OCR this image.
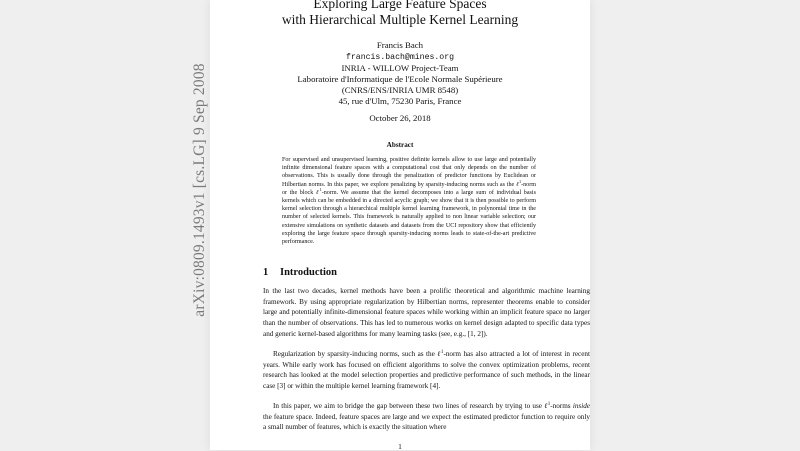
arXiv:0809.1493v1 [cs.LG] 9 Sep 2008
Exploring Large Feature Spaces
with Hierarchical Multiple Kernel Learning
Francis Bach
francis.bach@mines.org
INRIA - WILLOW Project-Team
Laboratoire d'Informatique de l'Ecole Normale Supérieure
(CNRS/ENS/INRIA UMR 8548)
45, rue d'Ulm, 75230 Paris, France
October 26, 2018
Abstract
For supervised and unsupervised learning, positive definite kernels allow to use large and potentially infinite dimensional feature spaces with a computational cost that only depends on the number of observations. This is usually done through the penalization of predictor functions by Euclidean or Hilbertian norms. In this paper, we explore penalizing by sparsity-inducing norms such as the ℓ$^1$-norm or the block ℓ$^1$-norm. We assume that the kernel decomposes into a large sum of individual basis kernels which can be embedded in a directed acyclic graph; we show that it is then possible to perform kernel selection through a hierarchical multiple kernel learning framework, in polynomial time in the number of selected kernels. This framework is naturally applied to non linear variable selection; our extensive simulations on synthetic datasets and datasets from the UCI repository show that efficiently exploring the large feature space through sparsity-inducing norms leads to state-of-the-art predictive performance.
1 Introduction
In the last two decades, kernel methods have been a prolific theoretical and algorithmic machine learning framework. By using appropriate regularization by Hilbertian norms, representer theorems enable to consider large and potentially infinite-dimensional feature spaces while working within an implicit feature space no larger than the number of observations. This has led to numerous works on kernel design adapted to specific data types and generic kernel-based algorithms for many learning tasks (see, e.g., [1, 2]).
Regularization by sparsity-inducing norms, such as the ℓ$^1$-norm has also attracted a lot of interest in recent years. While early work has focused on efficient algorithms to solve the convex optimization problems, recent research has looked at the model selection properties and predictive performance of such methods, in the linear case [3] or within the multiple kernel learning framework [4].
In this paper, we aim to bridge the gap between these two lines of research by trying to use ℓ$^1$-norms inside the feature space. Indeed, feature spaces are large and we expect the estimated predictor function to require only a small number of features, which is exactly the situation where
1
